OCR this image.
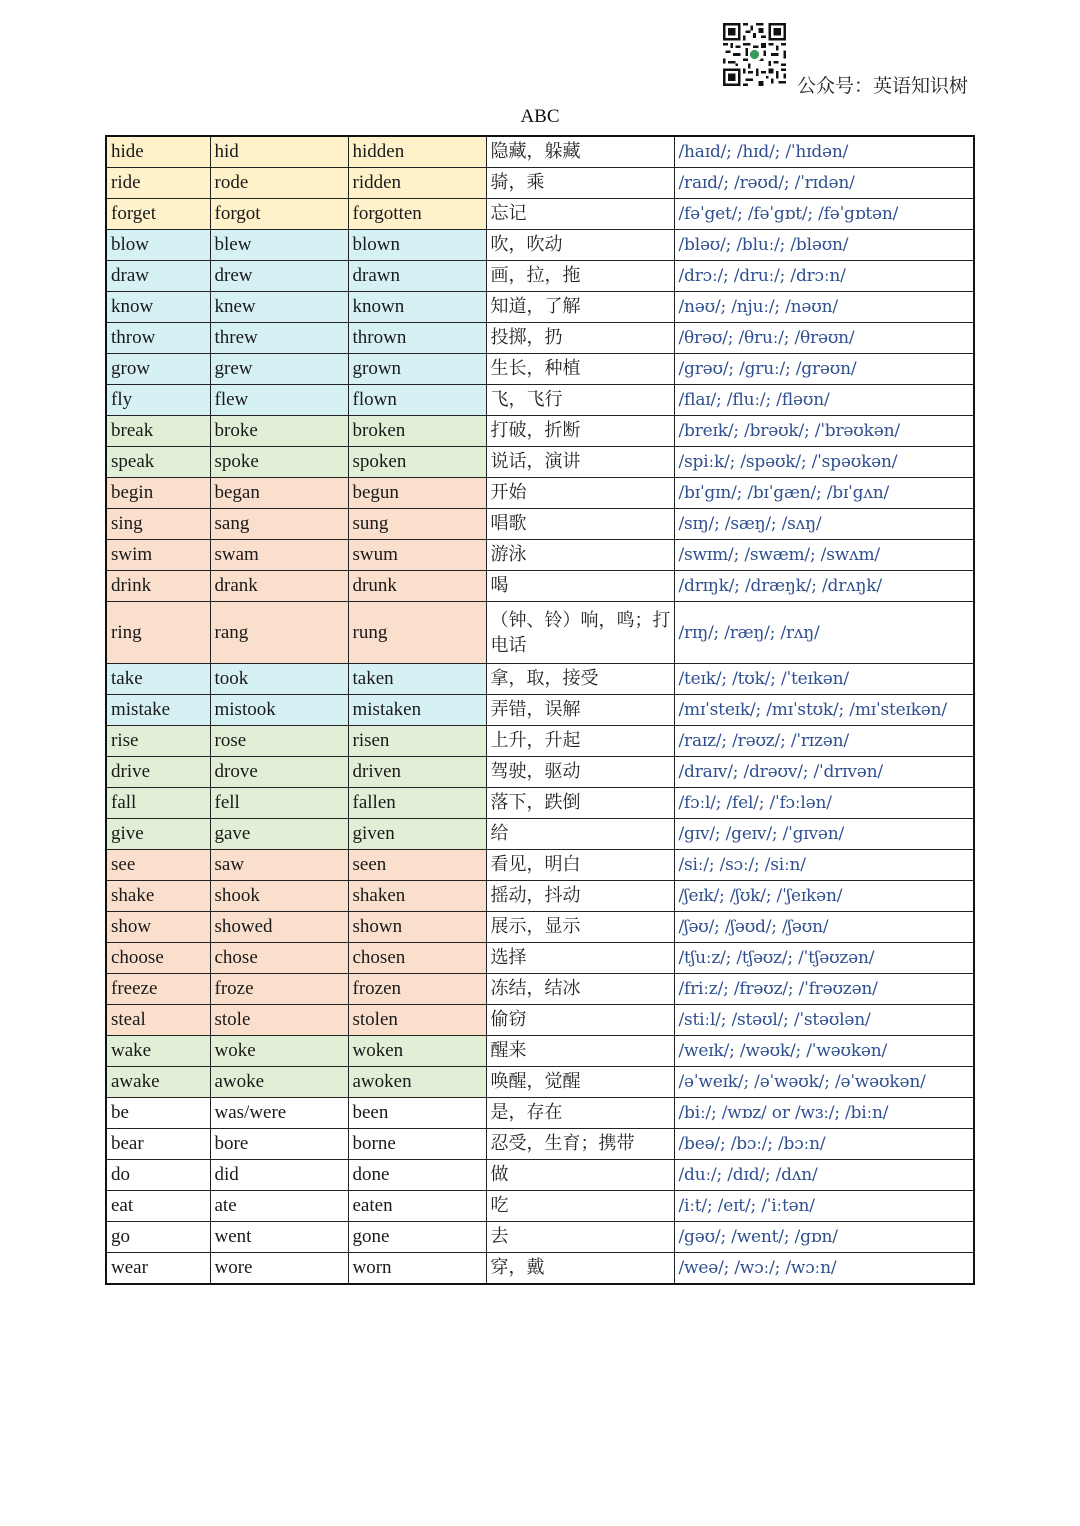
公众号：英语知识树
ABC
hide	hid	hidden	隐藏，躲藏	/haɪd/; /hɪd/; /ˈhɪdən/
ride	rode	ridden	骑，乘	/raɪd/; /rəʊd/; /ˈrɪdən/
forget	forgot	forgotten	忘记	/fəˈget/; /fəˈgɒt/; /fəˈgɒtən/
blow	blew	blown	吹，吹动	/bləʊ/; /bluː/; /bləʊn/
draw	drew	drawn	画，拉，拖	/drɔː/; /druː/; /drɔːn/
know	knew	known	知道，了解	/nəʊ/; /njuː/; /nəʊn/
throw	threw	thrown	投掷，扔	/θrəʊ/; /θruː/; /θrəʊn/
grow	grew	grown	生长，种植	/grəʊ/; /gruː/; /grəʊn/
fly	flew	flown	飞，飞行	/flaɪ/; /fluː/; /fləʊn/
break	broke	broken	打破，折断	/breɪk/; /brəʊk/; /ˈbrəʊkən/
speak	spoke	spoken	说话，演讲	/spiːk/; /spəʊk/; /ˈspəʊkən/
begin	began	begun	开始	/bɪˈgɪn/; /bɪˈgæn/; /bɪˈgʌn/
sing	sang	sung	唱歌	/sɪŋ/; /sæŋ/; /sʌŋ/
swim	swam	swum	游泳	/swɪm/; /swæm/; /swʌm/
drink	drank	drunk	喝	/drɪŋk/; /dræŋk/; /drʌŋk/
ring	rang	rung	（钟、铃）响，鸣；打电话	/rɪŋ/; /ræŋ/; /rʌŋ/
take	took	taken	拿，取，接受	/teɪk/; /tʊk/; /ˈteɪkən/
mistake	mistook	mistaken	弄错，误解	/mɪˈsteɪk/; /mɪˈstʊk/; /mɪˈsteɪkən/
rise	rose	risen	上升，升起	/raɪz/; /rəʊz/; /ˈrɪzən/
drive	drove	driven	驾驶，驱动	/draɪv/; /drəʊv/; /ˈdrɪvən/
fall	fell	fallen	落下，跌倒	/fɔːl/; /fel/; /ˈfɔːlən/
give	gave	given	给	/gɪv/; /geɪv/; /ˈgɪvən/
see	saw	seen	看见，明白	/siː/; /sɔː/; /siːn/
shake	shook	shaken	摇动，抖动	/ʃeɪk/; /ʃʊk/; /ˈʃeɪkən/
show	showed	shown	展示，显示	/ʃəʊ/; /ʃəʊd/; /ʃəʊn/
choose	chose	chosen	选择	/tʃuːz/; /tʃəʊz/; /ˈtʃəʊzən/
freeze	froze	frozen	冻结，结冰	/friːz/; /frəʊz/; /ˈfrəʊzən/
steal	stole	stolen	偷窃	/stiːl/; /stəʊl/; /ˈstəʊlən/
wake	woke	woken	醒来	/weɪk/; /wəʊk/; /ˈwəʊkən/
awake	awoke	awoken	唤醒，觉醒	/əˈweɪk/; /əˈwəʊk/; /əˈwəʊkən/
be	was/were	been	是，存在	/biː/; /wɒz/ or /wɜː/; /biːn/
bear	bore	borne	忍受，生育；携带	/beə/; /bɔː/; /bɔːn/
do	did	done	做	/duː/; /dɪd/; /dʌn/
eat	ate	eaten	吃	/iːt/; /eɪt/; /ˈiːtən/
go	went	gone	去	/gəʊ/; /went/; /gɒn/
wear	wore	worn	穿，戴	/weə/; /wɔː/; /wɔːn/
